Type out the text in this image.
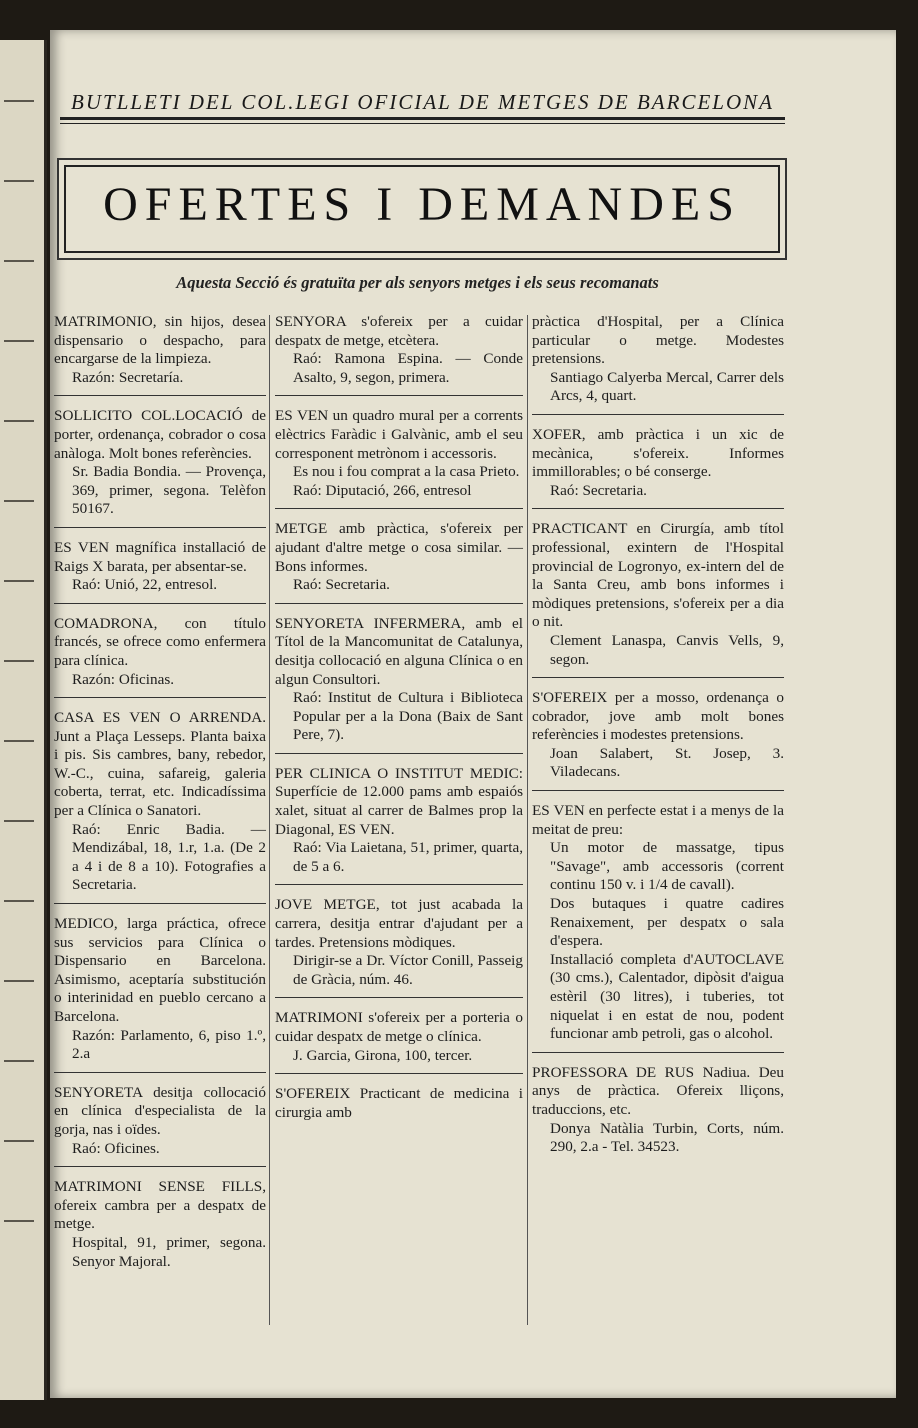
BUTLLETI DEL COL.LEGI OFICIAL DE METGES DE BARCELONA
OFERTES I DEMANDES
Aquesta Secció és gratuïta per als senyors metges i els seus recomanats

MATRIMONIO, sin hijos, desea dispensario o despacho, para encargarse de la limpieza.

Razón: Secretaría.

SOLLICITO COL.LOCACIÓ de porter, ordenança, cobrador o cosa anàloga. Molt bones referències.

Sr. Badia Bondia. — Provença, 369, primer, segona. Telèfon 50167.

ES VEN magnífica installació de Raigs X barata, per absentar-se.

Raó: Unió, 22, entresol.

COMADRONA, con título francés, se ofrece como enfermera para clínica.

Razón: Oficinas.

CASA ES VEN O ARRENDA. Junt a Plaça Lesseps. Planta baixa i pis. Sis cambres, bany, rebedor, W.-C., cuina, safareig, galeria coberta, terrat, etc. Indicadíssima per a Clínica o Sanatori.

Raó: Enric Badia. — Mendizábal, 18, 1.r, 1.a. (De 2 a 4 i de 8 a 10). Fotografies a Secretaria.

MEDICO, larga práctica, ofrece sus servicios para Clínica o Dispensario en Barcelona. Asimismo, aceptaría substitución o interinidad en pueblo cercano a Barcelona.

Razón: Parlamento, 6, piso 1.º, 2.a

SENYORETA desitja collocació en clínica d'especialista de la gorja, nas i oïdes.

Raó: Oficines.

MATRIMONI SENSE FILLS, ofereix cambra per a despatx de metge.

Hospital, 91, primer, segona. Senyor Majoral.

SENYORA s'ofereix per a cuidar despatx de metge, etcètera.

Raó: Ramona Espina. — Conde Asalto, 9, segon, primera.

ES VEN un quadro mural per a corrents elèctrics Faràdic i Galvànic, amb el seu corresponent metrònom i accessoris.

Es nou i fou comprat a la casa Prieto.

Raó: Diputació, 266, entresol

METGE amb pràctica, s'ofereix per ajudant d'altre metge o cosa similar. — Bons informes.

Raó: Secretaria.

SENYORETA INFERMERA, amb el Títol de la Mancomunitat de Catalunya, desitja collocació en alguna Clínica o en algun Consultori.

Raó: Institut de Cultura i Biblioteca Popular per a la Dona (Baix de Sant Pere, 7).

PER CLINICA O INSTITUT MEDIC: Superfície de 12.000 pams amb espaiós xalet, situat al carrer de Balmes prop la Diagonal, ES VEN.

Raó: Via Laietana, 51, primer, quarta, de 5 a 6.

JOVE METGE, tot just acabada la carrera, desitja entrar d'ajudant per a tardes. Pretensions mòdiques.

Dirigir-se a Dr. Víctor Conill, Passeig de Gràcia, núm. 46.

MATRIMONI s'ofereix per a porteria o cuidar despatx de metge o clínica.

J. Garcia, Girona, 100, tercer.

S'OFEREIX Practicant de medicina i cirurgia amb

pràctica d'Hospital, per a Clínica particular o metge. Modestes pretensions.

Santiago Calyerba Mercal, Carrer dels Arcs, 4, quart.

XOFER, amb pràctica i un xic de mecànica, s'ofereix. Informes immillorables; o bé conserge.

Raó: Secretaria.

PRACTICANT en Cirurgía, amb títol professional, exintern de l'Hospital provincial de Logronyo, ex-intern del de la Santa Creu, amb bons informes i mòdiques pretensions, s'ofereix per a dia o nit.

Clement Lanaspa, Canvis Vells, 9, segon.

S'OFEREIX per a mosso, ordenança o cobrador, jove amb molt bones referències i modestes pretensions.

Joan Salabert, St. Josep, 3. Viladecans.

ES VEN en perfecte estat i a menys de la meitat de preu:

Un motor de massatge, tipus "Savage", amb accessoris (corrent continu 150 v. i 1/4 de cavall).

Dos butaques i quatre cadires Renaixement, per despatx o sala d'espera.

Installació completa d'AUTOCLAVE (30 cms.), Calentador, dipòsit d'aigua estèril (30 litres), i tuberies, tot niquelat i en estat de nou, podent funcionar amb petroli, gas o alcohol.

PROFESSORA DE RUS Nadiua. Deu anys de pràctica. Ofereix lliçons, traduccions, etc.

Donya Natàlia Turbin, Corts, núm. 290, 2.a - Tel. 34523.
